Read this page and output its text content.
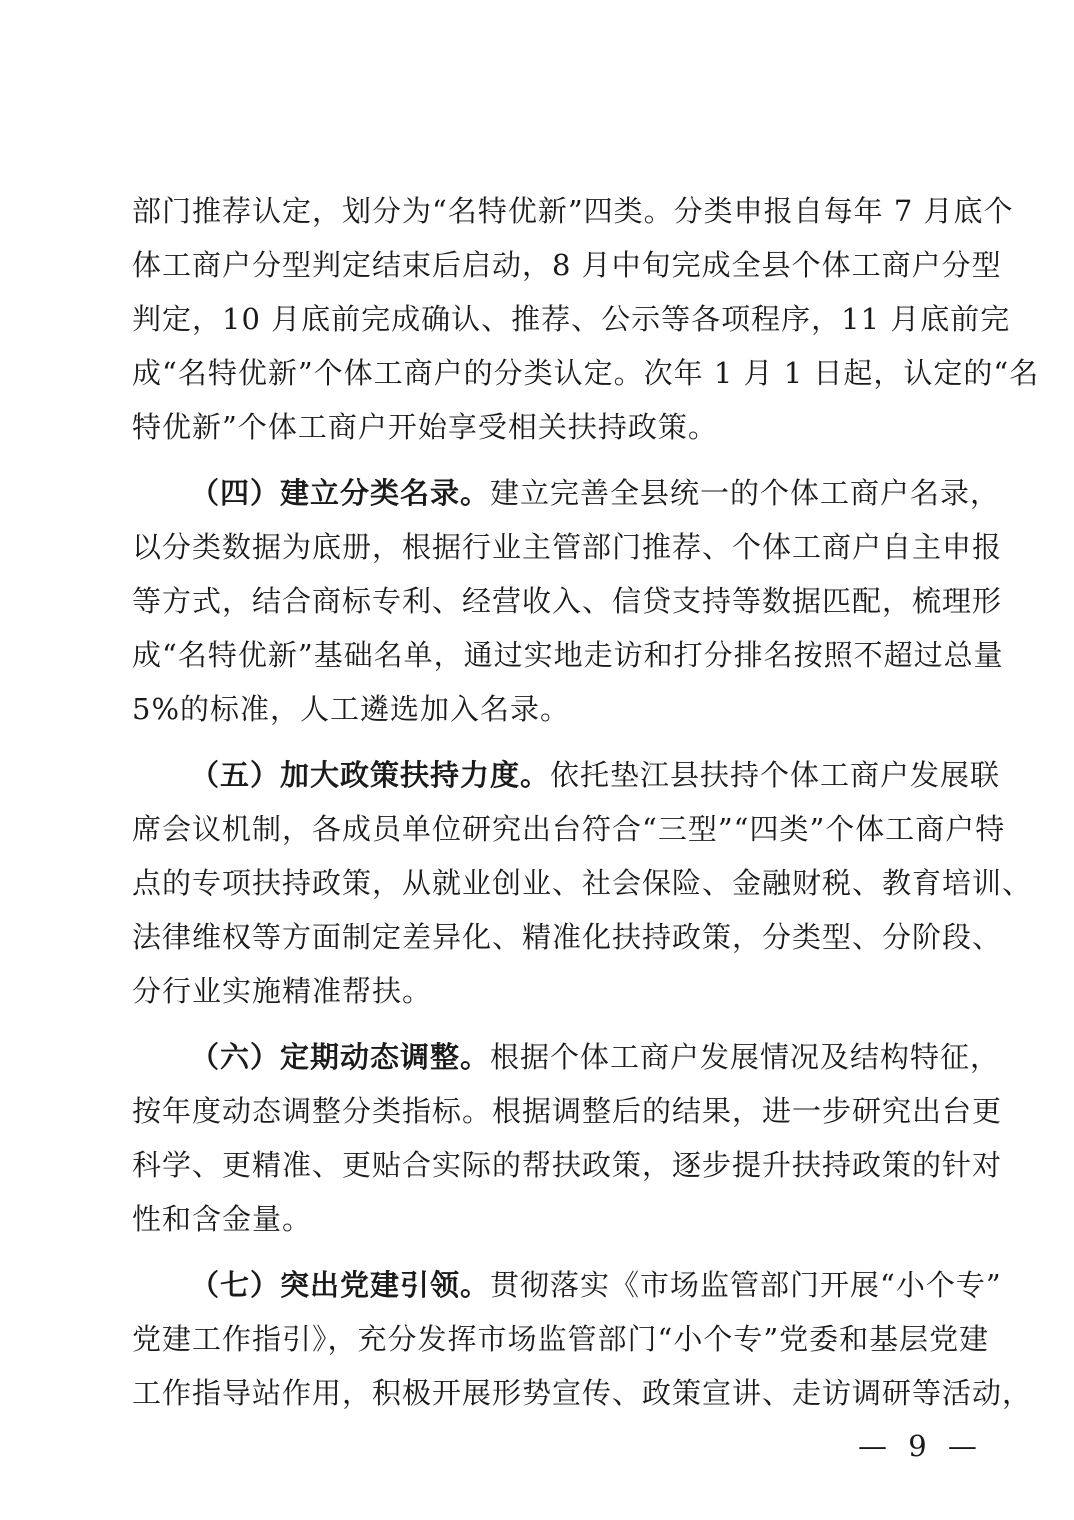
部门推荐认定，划分为“名特优新”四类。分类申报自每年 7 月底个
体工商户分型判定结束后启动，8 月中旬完成全县个体工商户分型
判定，10 月底前完成确认、推荐、公示等各项程序，11 月底前完
成“名特优新”个体工商户的分类认定。次年 1 月 1 日起，认定的“名
特优新”个体工商户开始享受相关扶持政策。
（四）建立分类名录。建立完善全县统一的个体工商户名录，
以分类数据为底册，根据行业主管部门推荐、个体工商户自主申报
等方式，结合商标专利、经营收入、信贷支持等数据匹配，梳理形
成“名特优新”基础名单，通过实地走访和打分排名按照不超过总量
5%的标准，人工遴选加入名录。
（五）加大政策扶持力度。依托垫江县扶持个体工商户发展联
席会议机制，各成员单位研究出台符合“三型”“四类”个体工商户特
点的专项扶持政策，从就业创业、社会保险、金融财税、教育培训、
法律维权等方面制定差异化、精准化扶持政策，分类型、分阶段、
分行业实施精准帮扶。
（六）定期动态调整。根据个体工商户发展情况及结构特征，
按年度动态调整分类指标。根据调整后的结果，进一步研究出台更
科学、更精准、更贴合实际的帮扶政策，逐步提升扶持政策的针对
性和含金量。
（七）突出党建引领。贯彻落实《市场监管部门开展“小个专”
党建工作指引》，充分发挥市场监管部门“小个专”党委和基层党建
工作指导站作用，积极开展形势宣传、政策宣讲、走访调研等活动，
— 9 —
